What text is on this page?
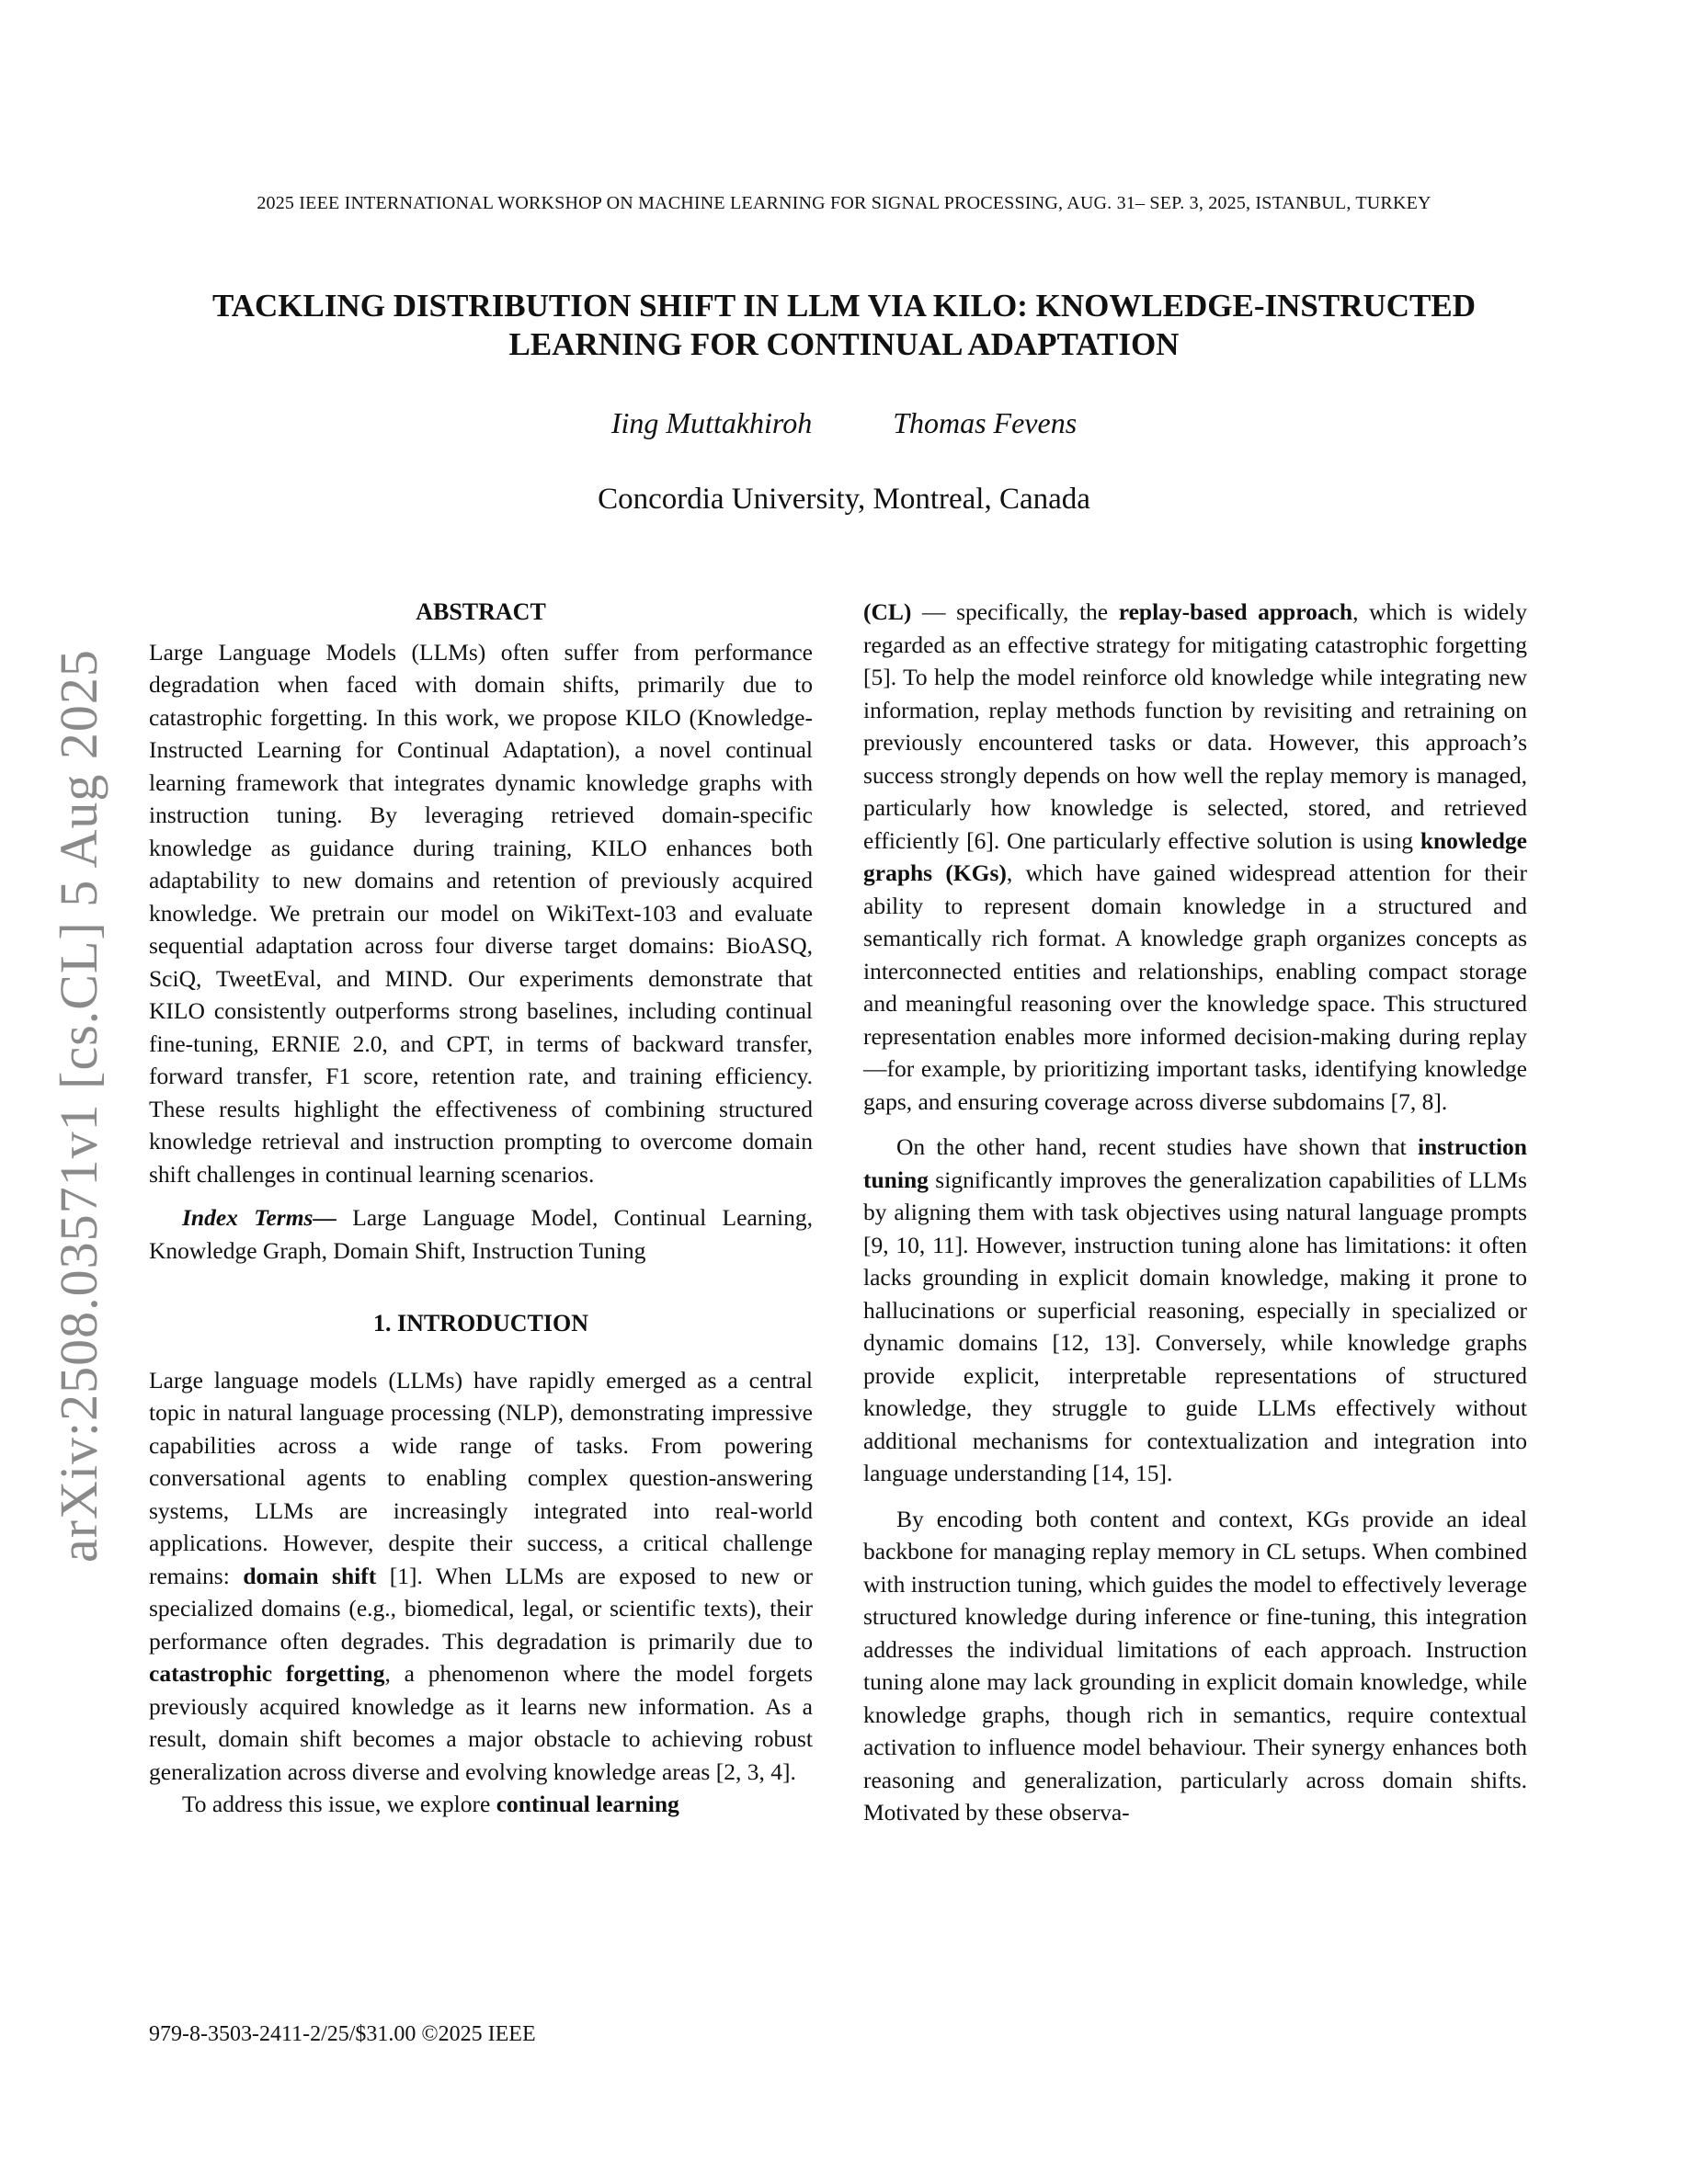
2025 IEEE INTERNATIONAL WORKSHOP ON MACHINE LEARNING FOR SIGNAL PROCESSING, AUG. 31– SEP. 3, 2025, ISTANBUL, TURKEY
TACKLING DISTRIBUTION SHIFT IN LLM VIA KILO: KNOWLEDGE-INSTRUCTED
LEARNING FOR CONTINUAL ADAPTATION
Iing Muttakhiroh	Thomas Fevens
Concordia University, Montreal, Canada
arXiv:2508.03571v1 [cs.CL] 5 Aug 2025
ABSTRACT

Large Language Models (LLMs) often suffer from performance degradation when faced with domain shifts, primarily due to catastrophic forgetting. In this work, we propose KILO (Knowledge-Instructed Learning for Continual Adaptation), a novel continual learning framework that integrates dynamic knowledge graphs with instruction tuning. By leveraging retrieved domain-specific knowledge as guidance during training, KILO enhances both adaptability to new domains and retention of previously acquired knowledge. We pretrain our model on WikiText-103 and evaluate sequential adaptation across four diverse target domains: BioASQ, SciQ, TweetEval, and MIND. Our experiments demonstrate that KILO consistently outperforms strong baselines, including continual fine-tuning, ERNIE 2.0, and CPT, in terms of backward transfer, forward transfer, F1 score, retention rate, and training efficiency. These results highlight the effectiveness of combining structured knowledge retrieval and instruction prompting to overcome domain shift challenges in continual learning scenarios.

Index Terms— Large Language Model, Continual Learning, Knowledge Graph, Domain Shift, Instruction Tuning

1. INTRODUCTION

Large language models (LLMs) have rapidly emerged as a central topic in natural language processing (NLP), demonstrating impressive capabilities across a wide range of tasks. From powering conversational agents to enabling complex question-answering systems, LLMs are increasingly integrated into real-world applications. However, despite their success, a critical challenge remains: domain shift [1]. When LLMs are exposed to new or specialized domains (e.g., biomedical, legal, or scientific texts), their performance often degrades. This degradation is primarily due to catastrophic forgetting, a phenomenon where the model forgets previously acquired knowledge as it learns new information. As a result, domain shift becomes a major obstacle to achieving robust generalization across diverse and evolving knowledge areas [2, 3, 4].

To address this issue, we explore continual learning

(CL) — specifically, the replay-based approach, which is widely regarded as an effective strategy for mitigating catastrophic forgetting [5]. To help the model reinforce old knowledge while integrating new information, replay methods function by revisiting and retraining on previously encountered tasks or data. However, this approach’s success strongly depends on how well the replay memory is managed, particularly how knowledge is selected, stored, and retrieved efficiently [6]. One particularly effective solution is using knowledge graphs (KGs), which have gained widespread attention for their ability to represent domain knowledge in a structured and semantically rich format. A knowledge graph organizes concepts as interconnected entities and relationships, enabling compact storage and meaningful reasoning over the knowledge space. This structured representation enables more informed decision-making during replay—for example, by prioritizing important tasks, identifying knowledge gaps, and ensuring coverage across diverse subdomains [7, 8].

On the other hand, recent studies have shown that instruction tuning significantly improves the generalization capabilities of LLMs by aligning them with task objectives using natural language prompts [9, 10, 11]. However, instruction tuning alone has limitations: it often lacks grounding in explicit domain knowledge, making it prone to hallucinations or superficial reasoning, especially in specialized or dynamic domains [12, 13]. Conversely, while knowledge graphs provide explicit, interpretable representations of structured knowledge, they struggle to guide LLMs effectively without additional mechanisms for contextualization and integration into language understanding [14, 15].

By encoding both content and context, KGs provide an ideal backbone for managing replay memory in CL setups. When combined with instruction tuning, which guides the model to effectively leverage structured knowledge during inference or fine-tuning, this integration addresses the individual limitations of each approach. Instruction tuning alone may lack grounding in explicit domain knowledge, while knowledge graphs, though rich in semantics, require contextual activation to influence model behaviour. Their synergy enhances both reasoning and generalization, particularly across domain shifts. Motivated by these observa-

979-8-3503-2411-2/25/$31.00 ©2025 IEEE
